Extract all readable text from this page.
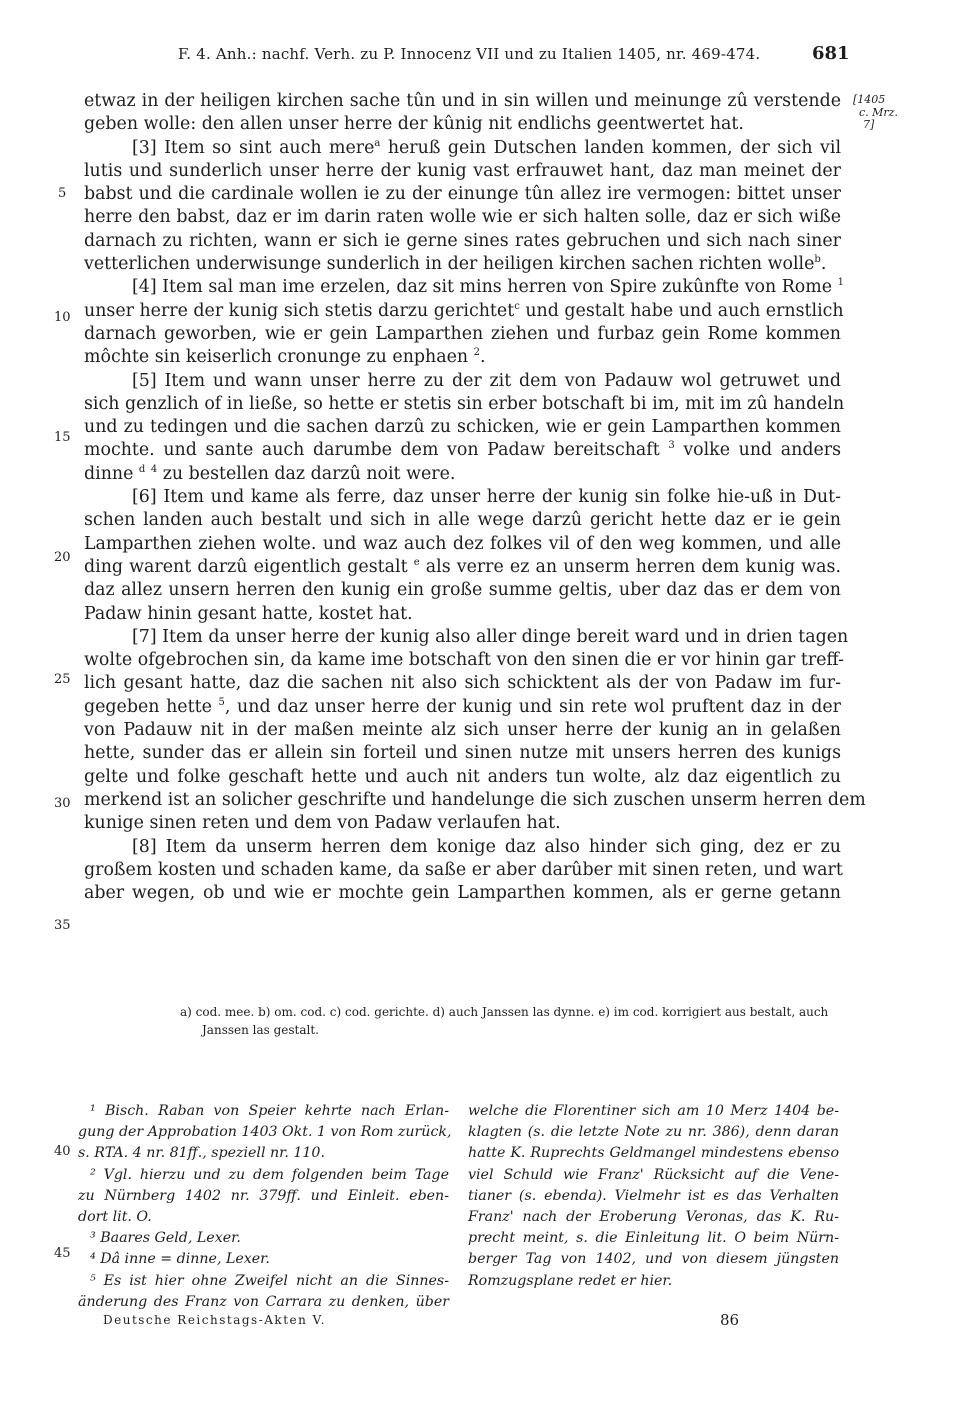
F. 4. Anh.: nachf. Verh. zu P. Innocenz VII und zu Italien 1405, nr. 469-474.	681
[1405
c. Mrz.
7]
5
10
15
20
25
30
35
40
45
etwaz in der heiligen kirchen sache tûn und in sin willen und meinunge zû verstende
geben wolle: den allen unser herre der kûnig nit endlichs geentwertet hat.
[3] Item so sint auch mere$^a$ heruß gein Dutschen landen kommen, der sich vil
lutis und sunderlich unser herre der kunig vast erfrauwet hant, daz man meinet der
babst und die cardinale wollen ie zu der einunge tûn allez ire vermogen: bittet unser
herre den babst, daz er im darin raten wolle wie er sich halten solle, daz er sich wiße
darnach zu richten, wann er sich ie gerne sines rates gebruchen und sich nach siner
vetterlichen underwisunge sunderlich in der heiligen kirchen sachen richten wolle$^b$.
[4] Item sal man ime erzelen, daz sit mins herren von Spire zukûnfte von Rome $^1$
unser herre der kunig sich stetis darzu gerichtet$^c$ und gestalt habe und auch ernstlich
darnach geworben, wie er gein Lamparthen ziehen und furbaz gein Rome kommen
môchte sin keiserlich cronunge zu enphaen $^2$.
[5] Item und wann unser herre zu der zit dem von Padauw wol getruwet und
sich genzlich of in ließe, so hette er stetis sin erber botschaft bi im, mit im zû handeln
und zu tedingen und die sachen darzû zu schicken, wie er gein Lamparthen kommen
mochte. und sante auch darumbe dem von Padaw bereitschaft $^3$ volke und anders
dinne $^d$ $^4$ zu bestellen daz darzû noit were.
[6] Item und kame als ferre, daz unser herre der kunig sin folke hie-uß in Dut-
schen landen auch bestalt und sich in alle wege darzû gericht hette daz er ie gein
Lamparthen ziehen wolte. und waz auch dez folkes vil of den weg kommen, und alle
ding warent darzû eigentlich gestalt $^e$ als verre ez an unserm herren dem kunig was.
daz allez unsern herren den kunig ein große summe geltis, uber daz das er dem von
Padaw hinin gesant hatte, kostet hat.
[7] Item da unser herre der kunig also aller dinge bereit ward und in drien tagen
wolte ofgebrochen sin, da kame ime botschaft von den sinen die er vor hinin gar treff-
lich gesant hatte, daz die sachen nit also sich schicktent als der von Padaw im fur-
gegeben hette $^5$, und daz unser herre der kunig und sin rete wol pruftent daz in der
von Padauw nit in der maßen meinte alz sich unser herre der kunig an in gelaßen
hette, sunder das er allein sin forteil und sinen nutze mit unsers herren des kunigs
gelte und folke geschaft hette und auch nit anders tun wolte, alz daz eigentlich zu
merkend ist an solicher geschrifte und handelunge die sich zuschen unserm herren dem
kunige sinen reten und dem von Padaw verlaufen hat.
[8] Item da unserm herren dem konige daz also hinder sich ging, dez er zu
großem kosten und schaden kame, da saße er aber darûber mit sinen reten, und wart
aber wegen, ob und wie er mochte gein Lamparthen kommen, als er gerne getann
a) cod. mee. b) om. cod. c) cod. gerichte. d) auch Janssen las dynne. e) im cod. korrigiert aus bestalt, auch
Janssen las gestalt.
¹ Bisch. Raban von Speier kehrte nach Erlan-
gung der Approbation 1403 Okt. 1 von Rom zurück,
s. RTA. 4 nr. 81ff., speziell nr. 110.
² Vgl. hierzu und zu dem folgenden beim Tage
zu Nürnberg 1402 nr. 379ff. und Einleit. eben-
dort lit. O.
³ Baares Geld, Lexer.
⁴ Dâ inne = dinne, Lexer.
⁵ Es ist hier ohne Zweifel nicht an die Sinnes-
änderung des Franz von Carrara zu denken, über
welche die Florentiner sich am 10 Merz 1404 be-
klagten (s. die letzte Note zu nr. 386), denn daran
hatte K. Ruprechts Geldmangel mindestens ebenso
viel Schuld wie Franz' Rücksicht auf die Vene-
tianer (s. ebenda). Vielmehr ist es das Verhalten
Franz' nach der Eroberung Veronas, das K. Ru-
precht meint, s. die Einleitung lit. O beim Nürn-
berger Tag von 1402, und von diesem jüngsten
Romzugsplane redet er hier.
Deutsche Reichstags-Akten V.	86
